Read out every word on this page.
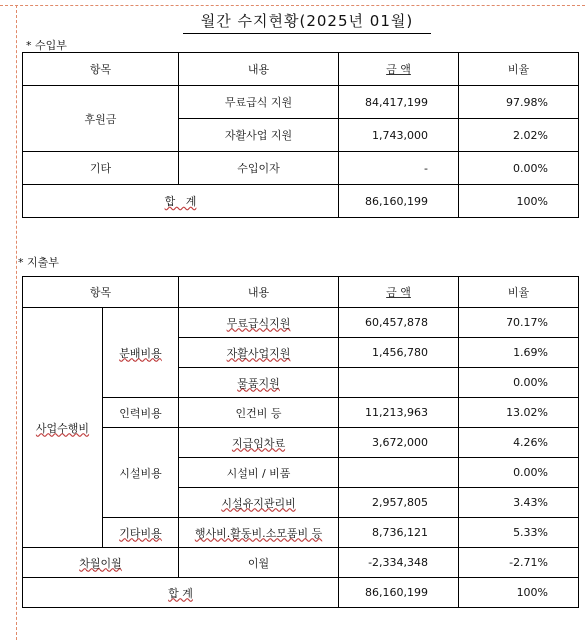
월간 수지현황(2025년 01월)
* 수입부
항목	내용	금 액	비율
후원금	무료급식 지원	84,417,199	97.98%
	자활사업 지원	1,743,000	2.02%
기타	수입이자	-	0.00%
합   계		86,160,199	100%
* 지출부
항목		내용	금 액	비율
사업수행비	분배비용	무료급식지원	60,457,878	70.17%
		자활사업지원	1,456,780	1.69%
		물품지원		0.00%
	인력비용	인건비 등	11,213,963	13.02%
	시설비용	지급임차료	3,672,000	4.26%
		시설비 / 비품		0.00%
		시설유지관리비	2,957,805	3.43%
	기타비용	행사비.활동비.소모품비 등	8,736,121	5.33%
차월이월		이월	-2,334,348	-2.71%
합 계			86,160,199	100%
